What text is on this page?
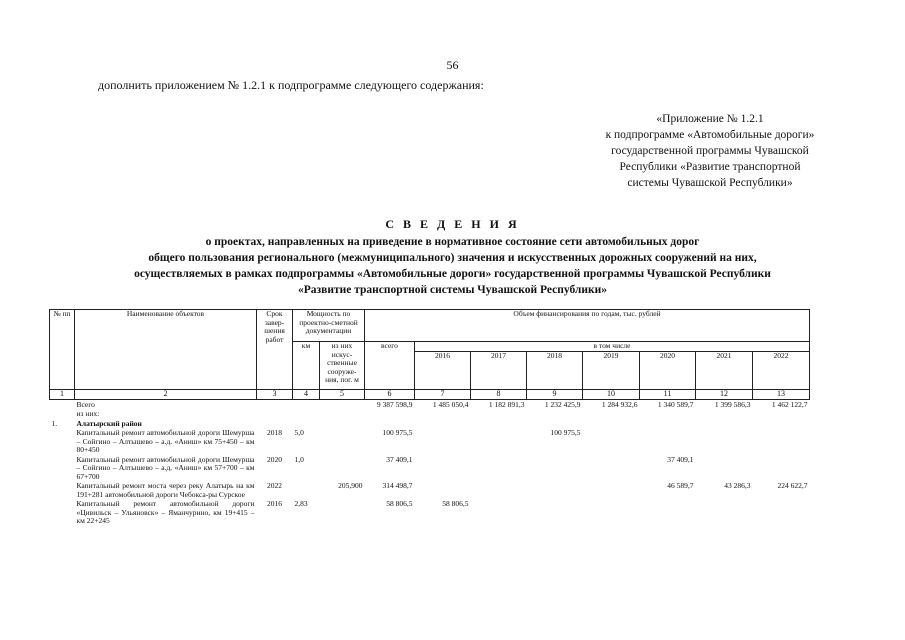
56
дополнить приложением № 1.2.1 к подпрограмме следующего содержания:
«Приложение № 1.2.1
к подпрограмме «Автомобильные дороги»
государственной программы Чувашской
Республики «Развитие транспортной
системы Чувашской Республики»
С В Е Д Е Н И Я
о проектах, направленных на приведение в нормативное состояние сети автомобильных дорог
общего пользования регионального (межмуниципального) значения и искусственных дорожных сооружений на них,
осуществляемых в рамках подпрограммы «Автомобильные дороги» государственной программы Чувашской Республики
«Развитие транспортной системы Чувашской Республики»
№ пп	Наименование объектов	Срок завер-шения работ	Мощность по проектно-сметной документации		Объем финансирования по годам, тыс. рублей							
			км	из них искус-ственные сооруже-ния, пог. м	всего	в том числе						
						2016	2017	2018	2019	2020	2021	2022
1	2	3	4	5	6	7	8	9	10	11	12	13
	Всего				9 387 598,9	1 485 050,4	1 182 891,3	1 232 425,9	1 284 932,6	1 340 589,7	1 399 586,3	1 462 122,7
	из них:											
1.	Алатырский район											
	Капитальный ремонт автомобильной дороги Шемурша – Сойгино – Алтышево – а.д. «Аниш» км 75+450 – км 80+450	2018	5,0		100 975,5			100 975,5				
	Капитальный ремонт автомобильной дороги Шемурша – Сойгино – Алтышево – а.д. «Аниш» км 57+700 – км 67+700	2020	1,0		37 409,1					37 409,1		
	Капитальный ремонт моста через реку Алатырь на км 191+281 автомобильной дороги Чебокса-ры Сурское	2022		205,900	314 498,7					46 589,7	43 286,3	224 622,7
	Капитальный ремонт автомобильной дороги «Цивильск – Ульяновск» – Яманчурино, км 19+415 – км 22+245	2016	2,83		58 806,5	58 806,5						
